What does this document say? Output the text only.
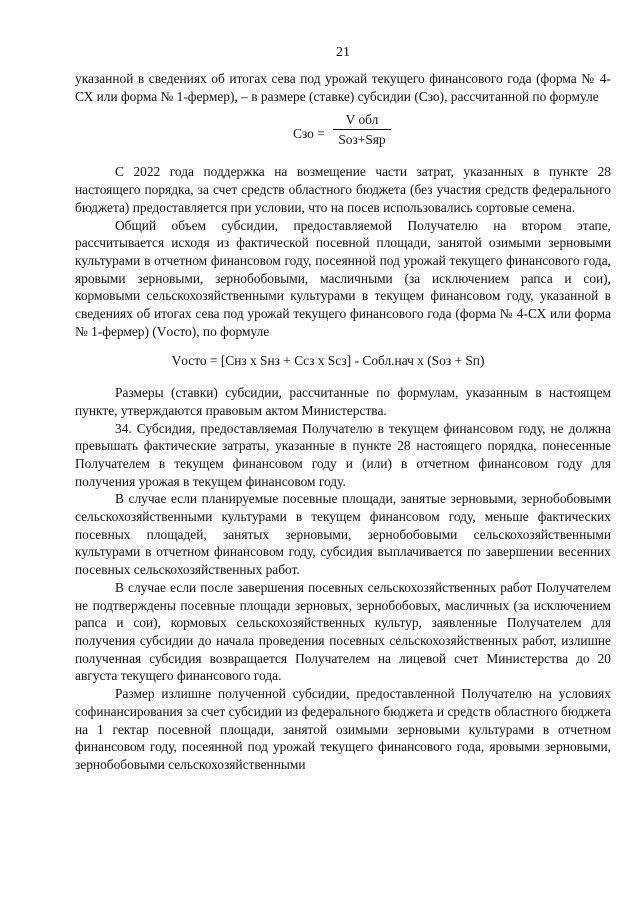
21

указанной в сведениях об итогах сева под урожай текущего финансового года (форма № 4-СХ или форма № 1-фермер), – в размере (ставке) субсидии (Сзо), рассчитанной по формуле

Сзо =
V обл
Sоз+Sяр

С 2022 года поддержка на возмещение части затрат, указанных в пункте 28 настоящего порядка, за счет средств областного бюджета (без участия средств федерального бюджета) предоставляется при условии, что на посев использовались сортовые семена.

Общий объем субсидии, предоставляемой Получателю на втором этапе, рассчитывается исходя из фактической посевной площади, занятой озимыми зерновыми культурами в отчетном финансовом году, посеянной под урожай текущего финансового года, яровыми зерновыми, зернобобовыми, масличными (за исключением рапса и сои), кормовыми сельскохозяйственными культурами в текущем финансовом году, указанной в сведениях об итогах сева под урожай текущего финансового года (форма № 4-СХ или форма № 1-фермер) (Vосто), по формуле

Vосто = [Снз х Sнз + Сcз х Sсз] - Cобл.нач х (Sоз + Sп)

Размеры (ставки) субсидии, рассчитанные по формулам, указанным в настоящем пункте, утверждаются правовым актом Министерства.

34. Субсидия, предоставляемая Получателю в текущем финансовом году, не должна превышать фактические затраты, указанные в пункте 28 настоящего порядка, понесенные Получателем в текущем финансовом году и (или) в отчетном финансовом году для получения урожая в текущем финансовом году.

В случае если планируемые посевные площади, занятые зерновыми, зернобобовыми сельскохозяйственными культурами в текущем финансовом году, меньше фактических посевных площадей, занятых зерновыми, зернобобовыми сельскохозяйственными культурами в отчетном финансовом году, субсидия выплачивается по завершении весенних посевных сельскохозяйственных работ.

В случае если после завершения посевных сельскохозяйственных работ Получателем не подтверждены посевные площади зерновых, зернобобовых, масличных (за исключением рапса и сои), кормовых сельскохозяйственных культур, заявленные Получателем для получения субсидии до начала проведения посевных сельскохозяйственных работ, излишне полученная субсидия возвращается Получателем на лицевой счет Министерства до 20 августа текущего финансового года.

Размер излишне полученной субсидии, предоставленной Получателю на условиях софинансирования за счет субсидии из федерального бюджета и средств областного бюджета на 1 гектар посевной площади, занятой озимыми зерновыми культурами в отчетном финансовом году, посеянной под урожай текущего финансового года, яровыми зерновыми, зернобобовыми сельскохозяйственными
